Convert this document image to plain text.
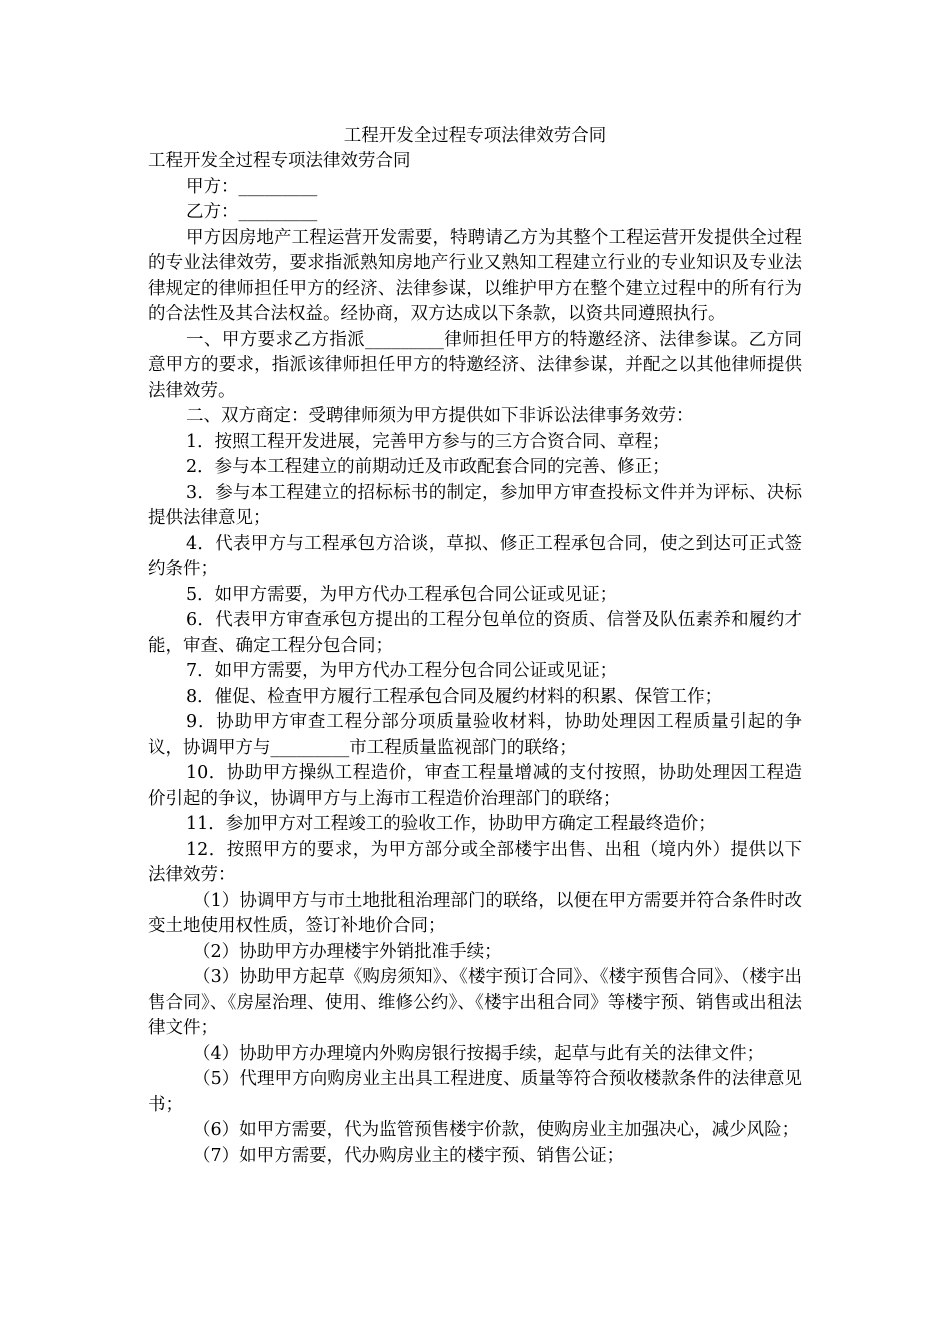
工程开发全过程专项法律效劳合同

工程开发全过程专项法律效劳合同

甲方：_________

乙方：_________

甲方因房地产工程运营开发需要，特聘请乙方为其整个工程运营开发提供全过程的专业法律效劳，要求指派熟知房地产行业又熟知工程建立行业的专业知识及专业法律规定的律师担任甲方的经济、法律参谋，以维护甲方在整个建立过程中的所有行为的合法性及其合法权益。经协商，双方达成以下条款，以资共同遵照执行。

一、甲方要求乙方指派_________律师担任甲方的特邀经济、法律参谋。乙方同意甲方的要求，指派该律师担任甲方的特邀经济、法律参谋，并配之以其他律师提供法律效劳。

二、双方商定：受聘律师须为甲方提供如下非诉讼法律事务效劳：

1．按照工程开发进展，完善甲方参与的三方合资合同、章程；

2．参与本工程建立的前期动迁及市政配套合同的完善、修正；

3．参与本工程建立的招标标书的制定，参加甲方审查投标文件并为评标、决标提供法律意见；

4．代表甲方与工程承包方洽谈，草拟、修正工程承包合同，使之到达可正式签约条件；

5．如甲方需要，为甲方代办工程承包合同公证或见证；

6．代表甲方审查承包方提出的工程分包单位的资质、信誉及队伍素养和履约才能，审查、确定工程分包合同；

7．如甲方需要，为甲方代办工程分包合同公证或见证；

8．催促、检查甲方履行工程承包合同及履约材料的积累、保管工作；

9．协助甲方审查工程分部分项质量验收材料，协助处理因工程质量引起的争议，协调甲方与_________市工程质量监视部门的联络；

10．协助甲方操纵工程造价，审查工程量增减的支付按照，协助处理因工程造价引起的争议，协调甲方与上海市工程造价治理部门的联络；

11．参加甲方对工程竣工的验收工作，协助甲方确定工程最终造价；

12．按照甲方的要求，为甲方部分或全部楼宇出售、出租（境内外）提供以下法律效劳：

（1）协调甲方与市土地批租治理部门的联络，以便在甲方需要并符合条件时改变土地使用权性质，签订补地价合同；

（2）协助甲方办理楼宇外销批准手续；

（3）协助甲方起草《购房须知》、《楼宇预订合同》、《楼宇预售合同》、（楼宇出售合同》、《房屋治理、使用、维修公约》、《楼宇出租合同》等楼宇预、销售或出租法律文件；

（4）协助甲方办理境内外购房银行按揭手续，起草与此有关的法律文件；

（5）代理甲方向购房业主出具工程进度、质量等符合预收楼款条件的法律意见书；

（6）如甲方需要，代为监管预售楼宇价款，使购房业主加强决心，减少风险；

（7）如甲方需要，代办购房业主的楼宇预、销售公证；
